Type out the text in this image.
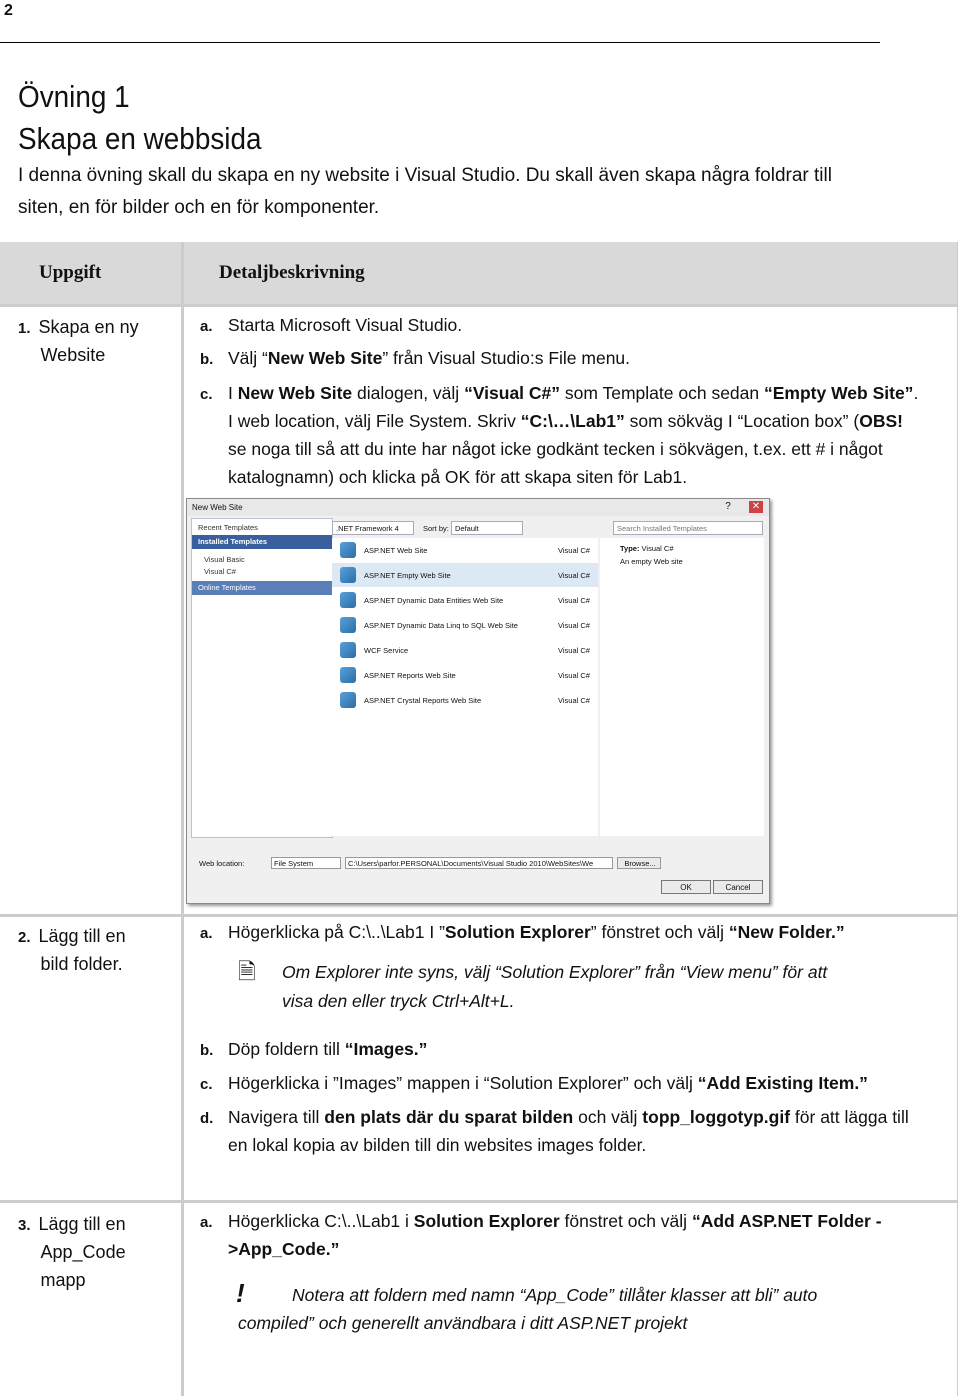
2
Övning 1
Skapa en webbsida
I denna övning skall du skapa en ny website i Visual Studio. Du skall även skapa några foldrar till
siten, en för bilder och en för komponenter.
Uppgift	Detaljbeskrivning
1. Skapa en ny
Website
a. Starta Microsoft Visual Studio.
b. Välj “New Web Site” från Visual Studio:s File menu.
c. I New Web Site dialogen, välj “Visual C#” som Template och sedan “Empty Web Site”.
I web location, välj File System. Skriv “C:\…\Lab1” som sökväg I “Location box” (OBS!
se noga till så att du inte har något icke godkänt tecken i sökvägen, t.ex. ett # i något
katalognamn) och klicka på OK för att skapa siten för Lab1.
New Web Site	?	✕
Recent Templates
Installed Templates
Visual Basic
Visual C#
Online Templates
.NET Framework 4	Sort by: Default	Search Installed Templates
ASP.NET Web Site	Visual C#
ASP.NET Empty Web Site	Visual C#
ASP.NET Dynamic Data Entities Web Site	Visual C#
ASP.NET Dynamic Data Linq to SQL Web Site	Visual C#
WCF Service	Visual C#
ASP.NET Reports Web Site	Visual C#
ASP.NET Crystal Reports Web Site	Visual C#
Type: Visual C#
An empty Web site
Web location:	File System	C:\Users\parfor.PERSONAL\Documents\Visual Studio 2010\WebSites\We	Browse...
OK	Cancel
2. Lägg till en
bild folder.
a. Högerklicka på C:\..\Lab1 I ”Solution Explorer” fönstret och välj “New Folder.”
🗎 Om Explorer inte syns, välj “Solution Explorer” från “View menu” för att
visa den eller tryck Ctrl+Alt+L.
b. Döp foldern till “Images.”
c. Högerklicka i ”Images” mappen i “Solution Explorer” och välj “Add Existing Item.”
d. Navigera till den plats där du sparat bilden och välj topp_loggotyp.gif för att lägga till
en lokal kopia av bilden till din websites images folder.
3. Lägg till en
App_Code
mapp
a. Högerklicka C:\..\Lab1 i Solution Explorer fönstret och välj “Add ASP.NET Folder -
>App_Code.”
!	Notera att foldern med namn “App_Code” tillåter klasser att bli” auto
compiled” och generellt användbara i ditt ASP.NET projekt
